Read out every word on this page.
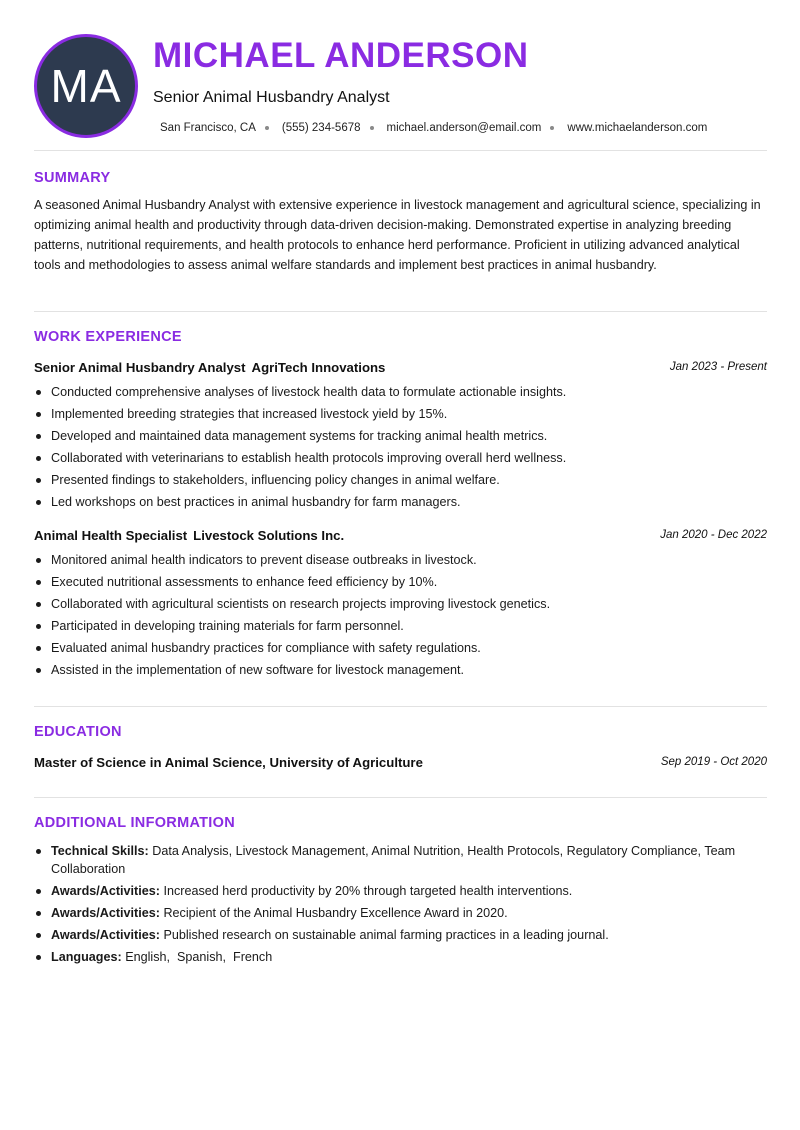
MA
MICHAEL ANDERSON
Senior Animal Husbandry Analyst
San Francisco, CA (555) 234-5678 michael.anderson@email.com www.michaelanderson.com
SUMMARY

A seasoned Animal Husbandry Analyst with extensive experience in livestock management and agricultural science, specializing in optimizing animal health and productivity through data-driven decision-making. Demonstrated expertise in analyzing breeding patterns, nutritional requirements, and health protocols to enhance herd performance. Proficient in utilizing advanced analytical tools and methodologies to assess animal welfare standards and implement best practices in animal husbandry.

WORK EXPERIENCE
Senior Animal Husbandry Analyst AgriTech Innovations	Jan 2023 - Present
Conducted comprehensive analyses of livestock health data to formulate actionable insights.
Implemented breeding strategies that increased livestock yield by 15%.
Developed and maintained data management systems for tracking animal health metrics.
Collaborated with veterinarians to establish health protocols improving overall herd wellness.
Presented findings to stakeholders, influencing policy changes in animal welfare.
Led workshops on best practices in animal husbandry for farm managers.
Animal Health Specialist Livestock Solutions Inc.	Jan 2020 - Dec 2022
Monitored animal health indicators to prevent disease outbreaks in livestock.
Executed nutritional assessments to enhance feed efficiency by 10%.
Collaborated with agricultural scientists on research projects improving livestock genetics.
Participated in developing training materials for farm personnel.
Evaluated animal husbandry practices for compliance with safety regulations.
Assisted in the implementation of new software for livestock management.
EDUCATION
Master of Science in Animal Science, University of Agriculture	Sep 2019 - Oct 2020
ADDITIONAL INFORMATION
Technical Skills: Data Analysis, Livestock Management, Animal Nutrition, Health Protocols, Regulatory Compliance, Team Collaboration
Awards/Activities: Increased herd productivity by 20% through targeted health interventions.
Awards/Activities: Recipient of the Animal Husbandry Excellence Award in 2020.
Awards/Activities: Published research on sustainable animal farming practices in a leading journal.
Languages: English,  Spanish,  French
